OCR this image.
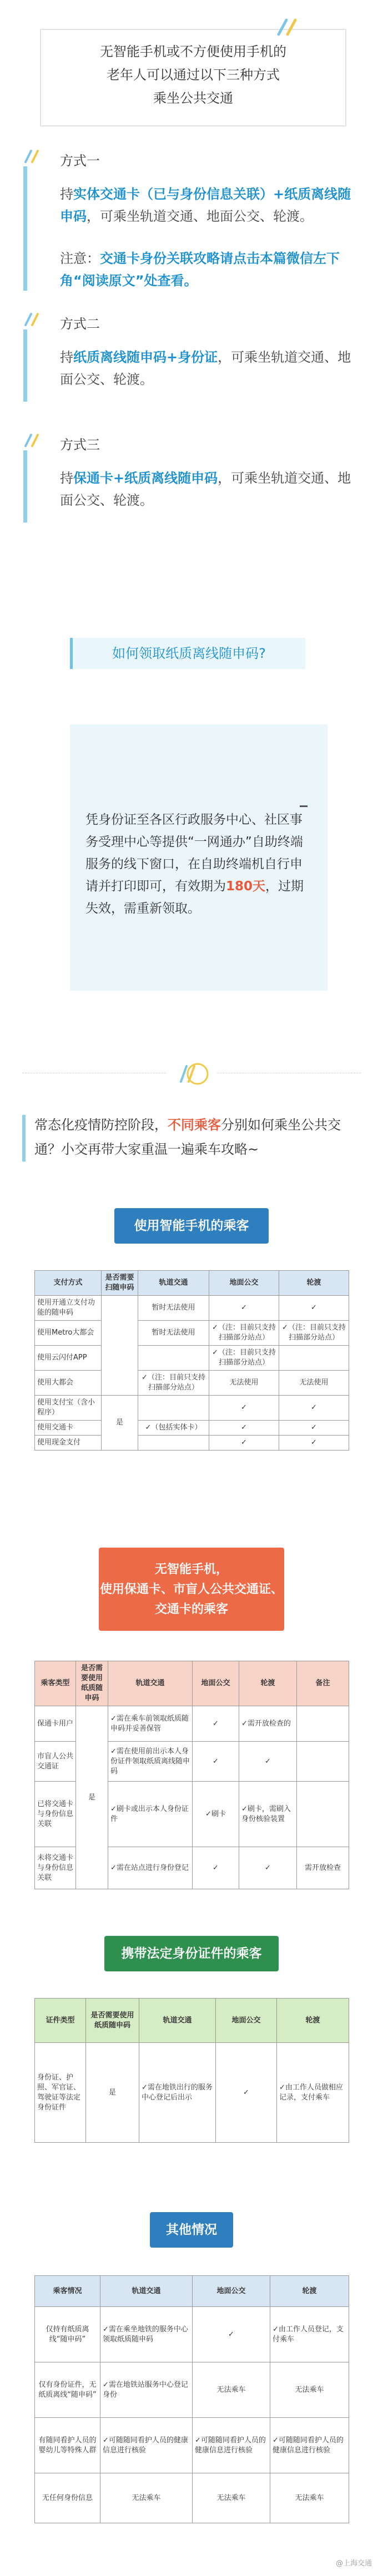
无智能手机或不方便使用手机的
老年人可以通过以下三种方式
乘坐公共交通
方式一
持实体交通卡（已与身份信息关联）+纸质离线随申码，可乘坐轨道交通、地面公交、轮渡。
注意：交通卡身份关联攻略请点击本篇微信左下角“阅读原文”处查看。
方式二
持纸质离线随申码+身份证，可乘坐轨道交通、地面公交、轮渡。
方式三
持保通卡+纸质离线随申码，可乘坐轨道交通、地面公交、轮渡。
如何领取纸质离线随申码?

凭身份证至各区行政服务中心、社区事务受理中心等提供“一网通办”自助终端服务的线下窗口，在自助终端机自行申请并打印即可，有效期为180天，过期失效，需重新领取。

常态化疫情防控阶段，不同乘客分别如何乘坐公共交通？小交再带大家重温一遍乘车攻略~
使用智能手机的乘客
支付方式	是否需要扫随申码	轨道交通	地面公交	轮渡
使用开通立支付功能的随申码		暂时无法使用	✓	✓
使用Metro大都会		暂时无法使用	✓（注：目前只支持扫描部分站点）	✓（注：目前只支持扫描部分站点）
使用云闪付APP			✓（注：目前只支持扫描部分站点）	
使用大都会		✓（注：目前只支持扫描部分站点）	无法使用	无法使用
使用支付宝（含小程序）	是		✓	✓
使用交通卡		✓（包括实体卡）	✓	✓
使用现金支付			✓	✓
无智能手机，
使用保通卡、市盲人公共交通证、
交通卡的乘客
乘客类型	是否需要使用纸质随申码	轨道交通	地面公交	轮渡	备注
保通卡用户	是	✓需在乘车前领取纸质随申码并妥善保管	✓	✓需开放检查的	
市盲人公共交通证		✓需在使用前出示本人身份证件领取纸质离线随申码	✓	✓	
已将交通卡与身份信息关联		✓刷卡或出示本人身份证件	✓刷卡	✓刷卡，需刷入身份核验装置	
未将交通卡与身份信息关联		✓需在站点进行身份登记	✓	✓	需开放检查
携带法定身份证件的乘客
证件类型	是否需要使用纸质随申码	轨道交通	地面公交	轮渡
身份证、护照、军官证、驾驶证等法定身份证件	是	✓需在地铁出行的服务中心登记后出示	✓	✓由工作人员做相应记录，支付乘车
其他情况
乘客情况	轨道交通	地面公交	轮渡
仅持有纸质离线“随申码”	✓需在乘坐地铁的服务中心领取纸质随申码	✓	✓由工作人员登记，支付乘车
仅有身份证件，无纸质离线“随申码”	✓需在地铁站服务中心登记身份	无法乘车	无法乘车
有随同看护人员的婴幼儿等特殊人群	✓可随随同看护人员的健康信息进行核验	✓可随随同看护人员的健康信息进行核验	✓可随随同看护人员的健康信息进行核验
无任何身份信息	无法乘车	无法乘车	无法乘车
@上海交通
